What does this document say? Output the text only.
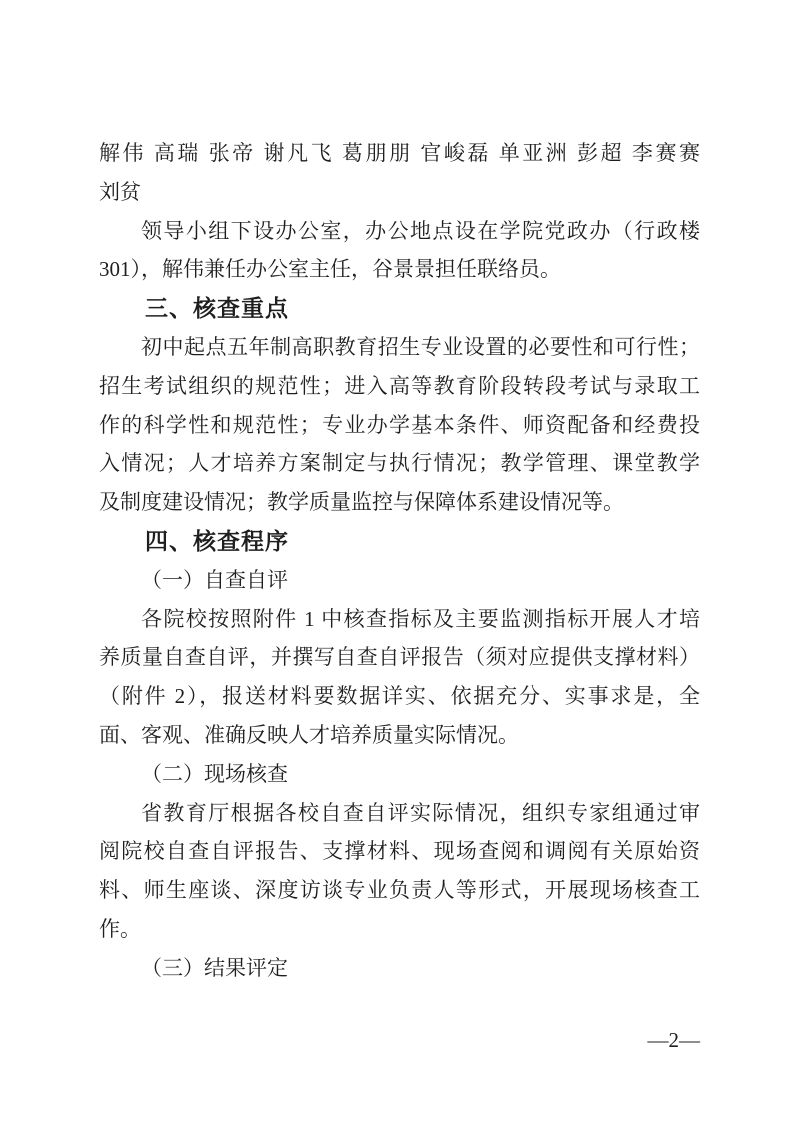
解伟 高瑞 张帝 谢凡飞 葛朋朋 官峻磊 单亚洲 彭超 李赛赛
刘贫
领导小组下设办公室，办公地点设在学院党政办（行政楼
301），解伟兼任办公室主任，谷景景担任联络员。
三、核查重点
初中起点五年制高职教育招生专业设置的必要性和可行性；
招生考试组织的规范性；进入高等教育阶段转段考试与录取工
作的科学性和规范性；专业办学基本条件、师资配备和经费投
入情况；人才培养方案制定与执行情况；教学管理、课堂教学
及制度建设情况；教学质量监控与保障体系建设情况等。
四、核查程序
（一）自查自评
各院校按照附件 1 中核查指标及主要监测指标开展人才培
养质量自查自评，并撰写自查自评报告（须对应提供支撑材料）
（附件 2），报送材料要数据详实、依据充分、实事求是，全
面、客观、准确反映人才培养质量实际情况。
（二）现场核查
省教育厅根据各校自查自评实际情况，组织专家组通过审
阅院校自查自评报告、支撑材料、现场查阅和调阅有关原始资
料、师生座谈、深度访谈专业负责人等形式，开展现场核查工
作。
（三）结果评定
—2—
